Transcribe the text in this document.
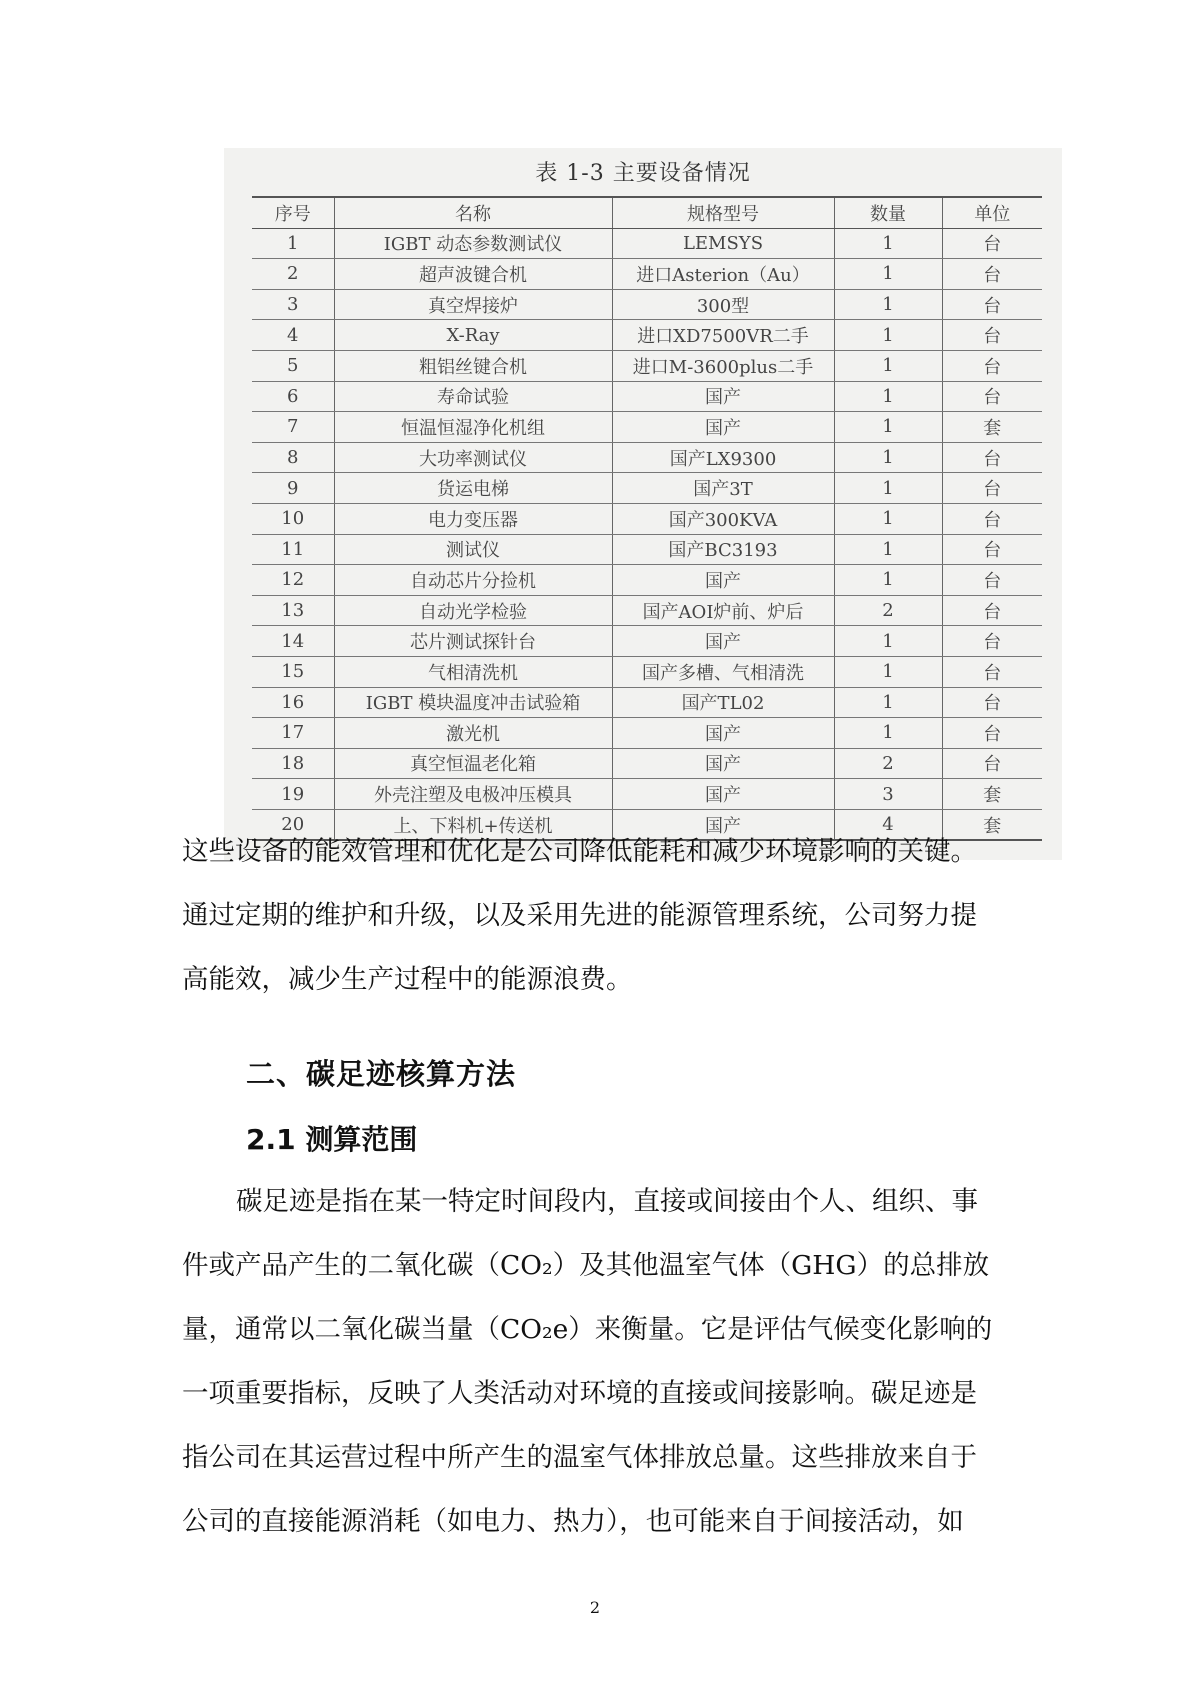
表 1-3 主要设备情况
序号	名称	规格型号	数量	单位
1	IGBT 动态参数测试仪	LEMSYS	1	台
2	超声波键合机	进口Asterion（Au）	1	台
3	真空焊接炉	300型	1	台
4	X-Ray	进口XD7500VR二手	1	台
5	粗铝丝键合机	进口M-3600plus二手	1	台
6	寿命试验	国产	1	台
7	恒温恒湿净化机组	国产	1	套
8	大功率测试仪	国产LX9300	1	台
9	货运电梯	国产3T	1	台
10	电力变压器	国产300KVA	1	台
11	测试仪	国产BC3193	1	台
12	自动芯片分捡机	国产	1	台
13	自动光学检验	国产AOI炉前、炉后	2	台
14	芯片测试探针台	国产	1	台
15	气相清洗机	国产多槽、气相清洗	1	台
16	IGBT 模块温度冲击试验箱	国产TL02	1	台
17	激光机	国产	1	台
18	真空恒温老化箱	国产	2	台
19	外壳注塑及电极冲压模具	国产	3	套
20	上、下料机+传送机	国产	4	套

这些设备的能效管理和优化是公司降低能耗和减少环境影响的关键。
通过定期的维护和升级，以及采用先进的能源管理系统，公司努力提
高能效，减少生产过程中的能源浪费。

二、碳足迹核算方法
2.1 测算范围

碳足迹是指在某一特定时间段内，直接或间接由个人、组织、事
件或产品产生的二氧化碳（CO₂）及其他温室气体（GHG）的总排放
量，通常以二氧化碳当量（CO₂e）来衡量。它是评估气候变化影响的
一项重要指标，反映了人类活动对环境的直接或间接影响。碳足迹是
指公司在其运营过程中所产生的温室气体排放总量。这些排放来自于
公司的直接能源消耗（如电力、热力），也可能来自于间接活动，如

2
